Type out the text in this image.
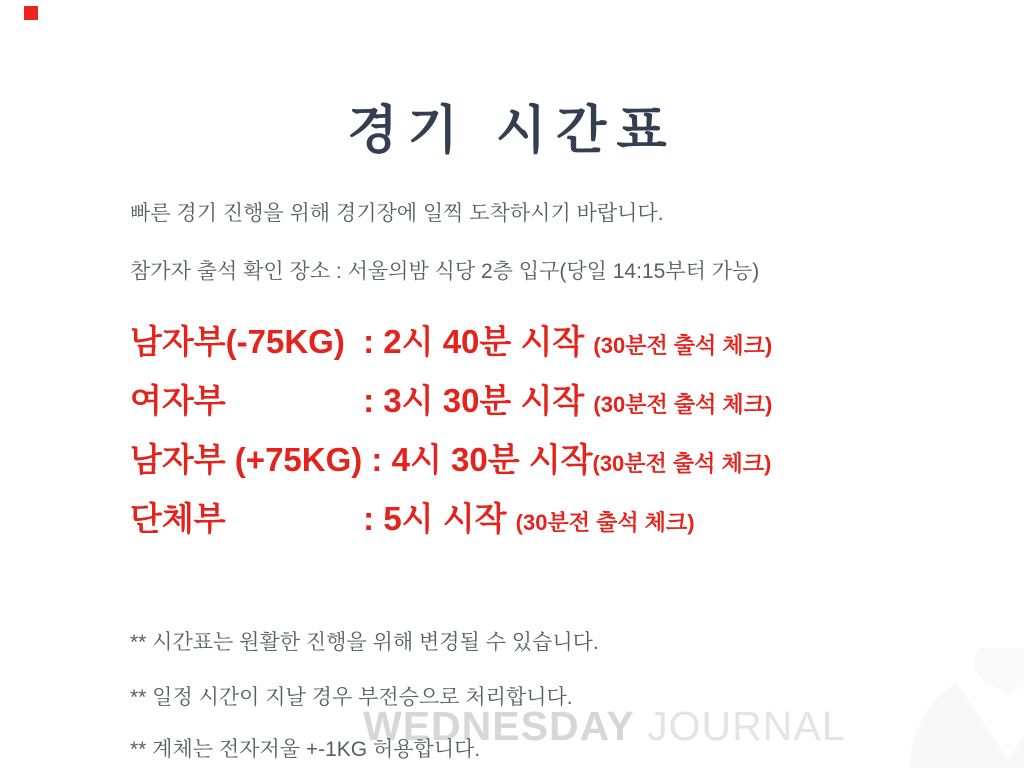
경기 시간표
빠른 경기 진행을 위해 경기장에 일찍 도착하시기 바랍니다.
참가자 출석 확인 장소 : 서울의밤 식당 2층 입구(당일 14:15부터 가능)
남자부(-75KG)  : 2시 40분 시작 (30분전 출석 체크)
여자부               : 3시 30분 시작 (30분전 출석 체크)
남자부 (+75KG) : 4시 30분 시작(30분전 출석 체크)
단체부               : 5시 시작 (30분전 출석 체크)
** 시간표는 원활한 진행을 위해 변경될 수 있습니다.
** 일정 시간이 지날 경우 부전승으로 처리합니다.
** 계체는 전자저울 +-1KG 허용합니다.
WEDNESDAY JOURNAL
